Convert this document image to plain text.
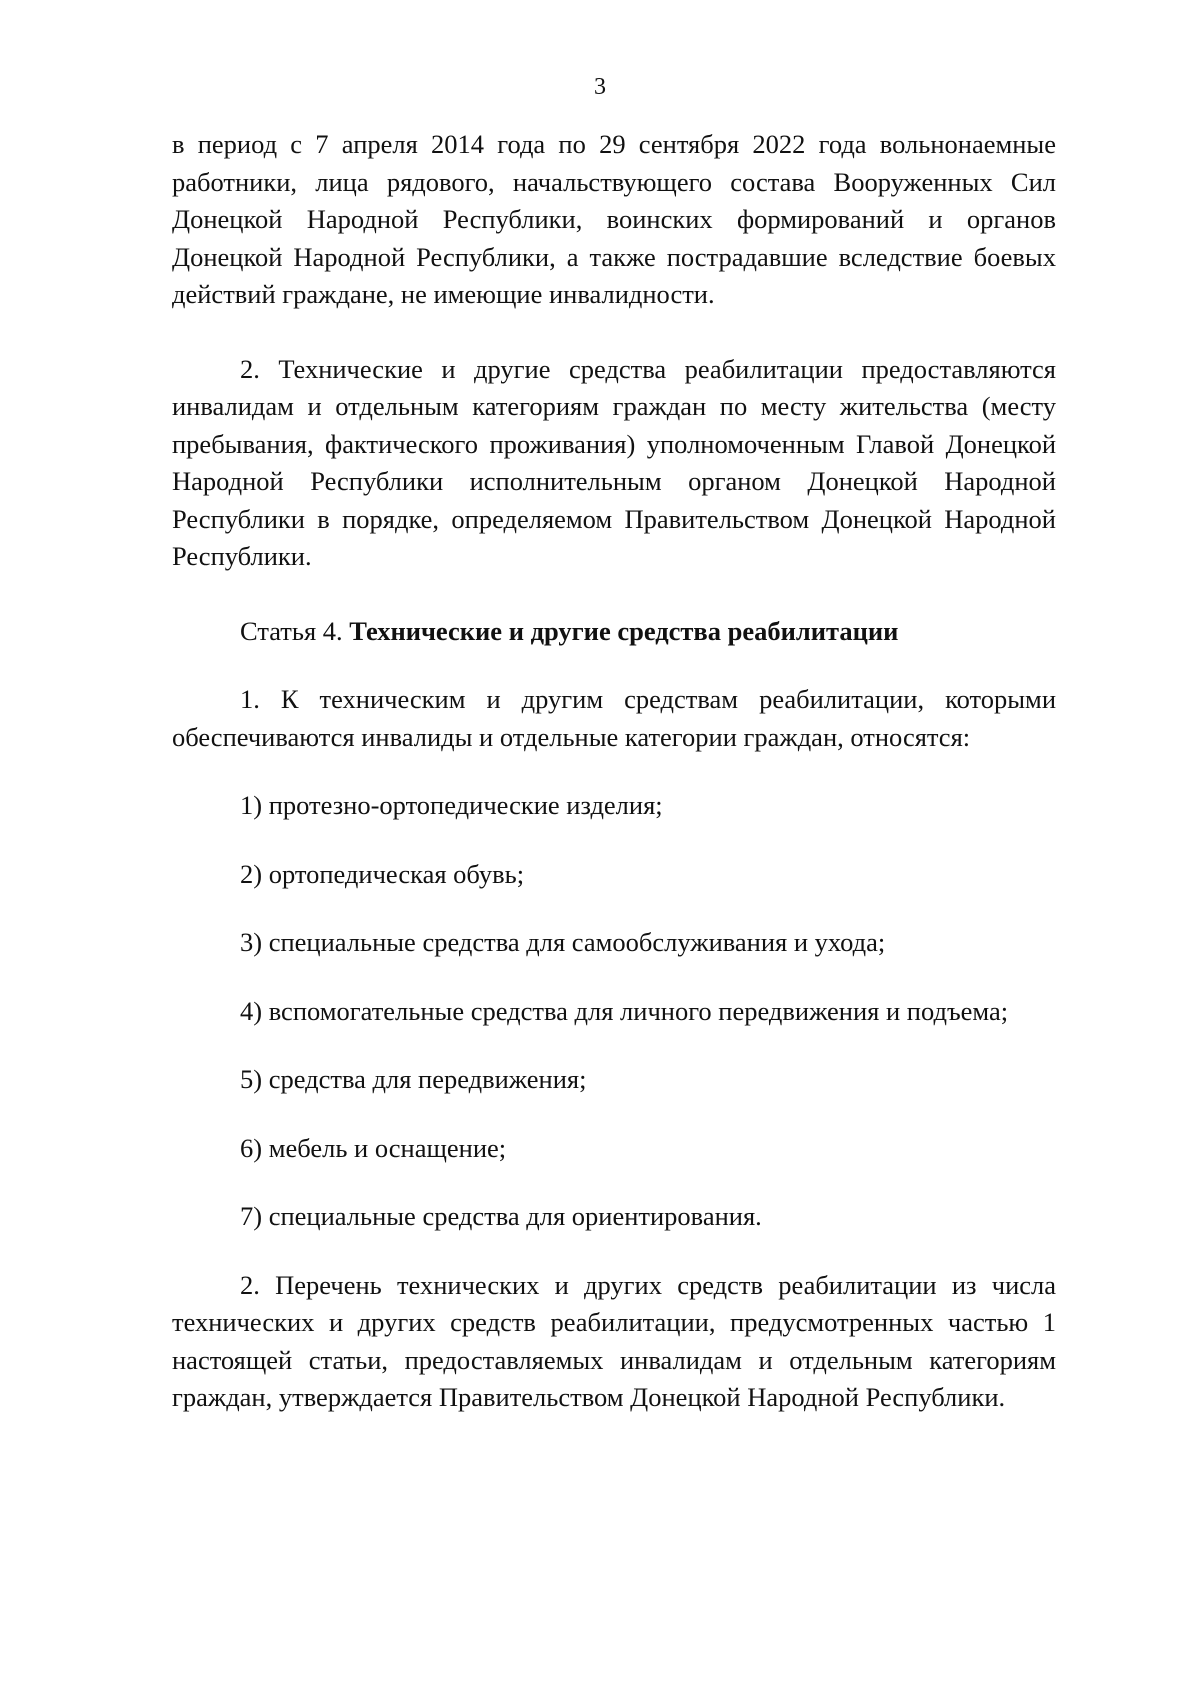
3

в период с 7 апреля 2014 года по 29 сентября 2022 года вольнонаемные работники, лица рядового, начальствующего состава Вооруженных Сил Донецкой Народной Республики, воинских формирований и органов Донецкой Народной Республики, а также пострадавшие вследствие боевых действий граждане, не имеющие инвалидности.

2. Технические и другие средства реабилитации предоставляются инвалидам и отдельным категориям граждан по месту жительства (месту пребывания, фактического проживания) уполномоченным Главой Донецкой Народной Республики исполнительным органом Донецкой Народной Республики в порядке, определяемом Правительством Донецкой Народной Республики.

Статья 4. Технические и другие средства реабилитации

1. К техническим и другим средствам реабилитации, которыми обеспечиваются инвалиды и отдельные категории граждан, относятся:

1) протезно-ортопедические изделия;

2) ортопедическая обувь;

3) специальные средства для самообслуживания и ухода;

4) вспомогательные средства для личного передвижения и подъема;

5) средства для передвижения;

6) мебель и оснащение;

7) специальные средства для ориентирования.

2. Перечень технических и других средств реабилитации из числа технических и других средств реабилитации, предусмотренных частью 1 настоящей статьи, предоставляемых инвалидам и отдельным категориям граждан, утверждается Правительством Донецкой Народной Республики.
